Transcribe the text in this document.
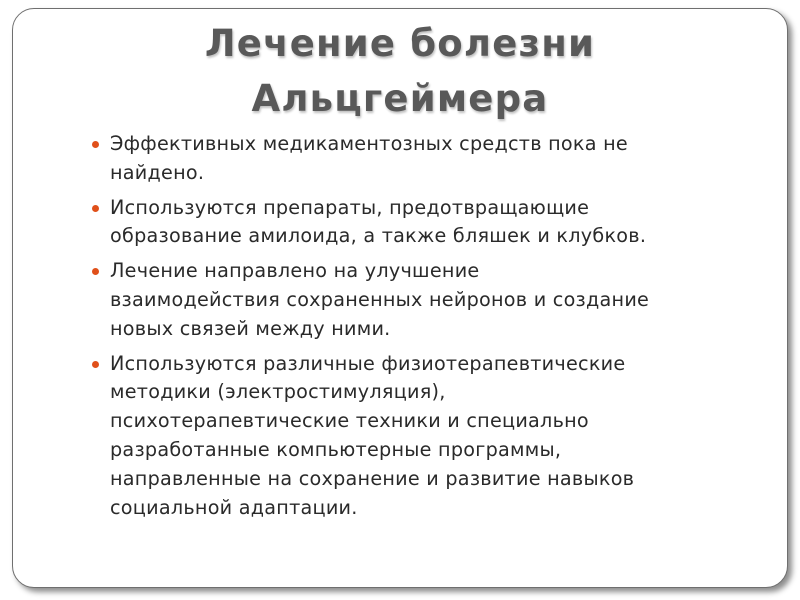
Лечение болезни
Альцгеймера
Эффективных медикаментозных средств пока не
найдено.
Используются препараты, предотвращающие
образование амилоида, а также бляшек и клубков.
Лечение направлено на улучшение
взаимодействия сохраненных нейронов и создание
новых связей между ними.
Используются различные физиотерапевтические
методики (электростимуляция),
психотерапевтические техники и специально
разработанные компьютерные программы,
направленные на сохранение и развитие навыков
социальной адаптации.
